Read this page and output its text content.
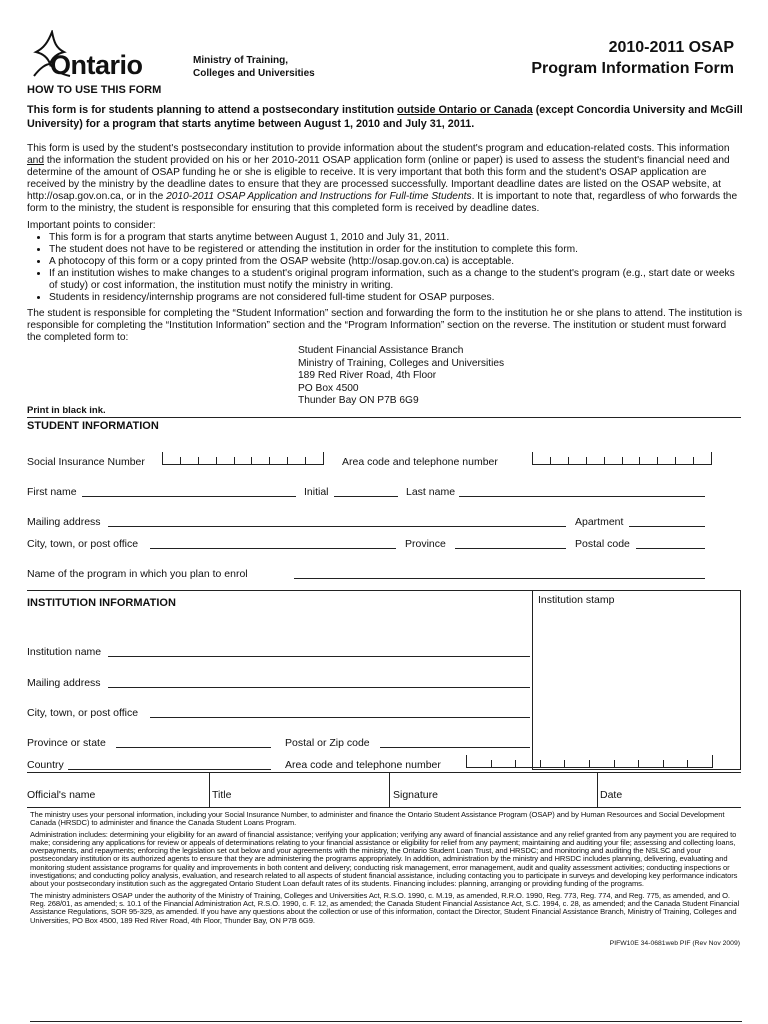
Ontario	Ministry of Training,
Colleges and Universities
2010-2011 OSAP
Program Information Form
HOW TO USE THIS FORM
This form is for students planning to attend a postsecondary institution outside Ontario or Canada (except Concordia University and McGill University) for a program that starts anytime between August 1, 2010 and July 31, 2011.
This form is used by the student's postsecondary institution to provide information about the student's program and education-related costs. This information and the information the student provided on his or her 2010-2011 OSAP application form (online or paper) is used to assess the student's financial need and determine of the amount of OSAP funding he or she is eligible to receive. It is very important that both this form and the student's OSAP application are received by the ministry by the deadline dates to ensure that they are processed successfully. Important deadline dates are listed on the OSAP website, at http://osap.gov.on.ca, or in the 2010-2011 OSAP Application and Instructions for Full-time Students. It is important to note that, regardless of who forwards the form to the ministry, the student is responsible for ensuring that this completed form is received by deadline dates.
Important points to consider:
• This form is for a program that starts anytime between August 1, 2010 and July 31, 2011.
• The student does not have to be registered or attending the institution in order for the institution to complete this form.
• A photocopy of this form or a copy printed from the OSAP website (http://osap.gov.on.ca) is acceptable.
• If an institution wishes to make changes to a student's original program information, such as a change to the student's program (e.g., start date or weeks of study) or cost information, the institution must notify the ministry in writing.
• Students in residency/internship programs are not considered full-time student for OSAP purposes.
The student is responsible for completing the “Student Information” section and forwarding the form to the institution he or she plans to attend. The institution is responsible for completing the “Institution Information” section and the “Program Information” section on the reverse. The institution or student must forward the completed form to:
Student Financial Assistance Branch
Ministry of Training, Colleges and Universities
189 Red River Road, 4th Floor
PO Box 4500
Thunder Bay ON P7B 6G9
Print in black ink.
STUDENT INFORMATION
Social Insurance Number	Area code and telephone number
First name	Initial	Last name
Mailing address	Apartment
City, town, or post office	Province	Postal code
Name of the program in which you plan to enrol
INSTITUTION INFORMATION	Institution stamp
Institution name
Mailing address
City, town, or post office
Province or state	Postal or Zip code
Country	Area code and telephone number
Official's name	Title	Signature	Date
The ministry uses your personal information, including your Social Insurance Number, to administer and finance the Ontario Student Assistance Program (OSAP) and by Human Resources and Social Development Canada (HRSDC) to administer and finance the Canada Student Loans Program.
Administration includes: determining your eligibility for an award of financial assistance; verifying your application; verifying any award of financial assistance and any relief granted from any payment you are required to make; considering any applications for review or appeals of determinations relating to your financial assistance or eligibility for relief from any payment; maintaining and auditing your file; assessing and collecting loans, overpayments, and repayments; enforcing the legislation set out below and your agreements with the ministry, the Ontario Student Loan Trust, and HRSDC; and monitoring and auditing the NSLSC and your postsecondary institution or its authorized agents to ensure that they are administering the programs appropriately. In addition, administration by the ministry and HRSDC includes planning, delivering, evaluating and monitoring student assistance programs for quality and improvements in both content and delivery; conducting risk management, error management, audit and quality assessment activities; conducting inspections or investigations; and conducting policy analysis, evaluation, and research related to all aspects of student financial assistance, including contacting you to participate in surveys and developing key performance indicators about your postsecondary institution such as the aggregated Ontario Student Loan default rates of its students. Financing includes: planning, arranging or providing funding of the programs.
The ministry administers OSAP under the authority of the Ministry of Training, Colleges and Universities Act, R.S.O. 1990, c. M.19, as amended, R.R.O. 1990, Reg. 773, Reg. 774, and Reg. 775, as amended, and O. Reg. 268/01, as amended; s. 10.1 of the Financial Administration Act, R.S.O. 1990, c. F. 12, as amended; the Canada Student Financial Assistance Act, S.C. 1994, c. 28, as amended; and the Canada Student Financial Assistance Regulations, SOR 95-329, as amended. If you have any questions about the collection or use of this information, contact the Director, Student Financial Assistance Branch, Ministry of Training, Colleges and Universities, PO Box 4500, 189 Red River Road, 4th Floor, Thunder Bay, ON P7B 6G9.
PIFW10E 34-0681web PIF (Rev Nov 2009)
